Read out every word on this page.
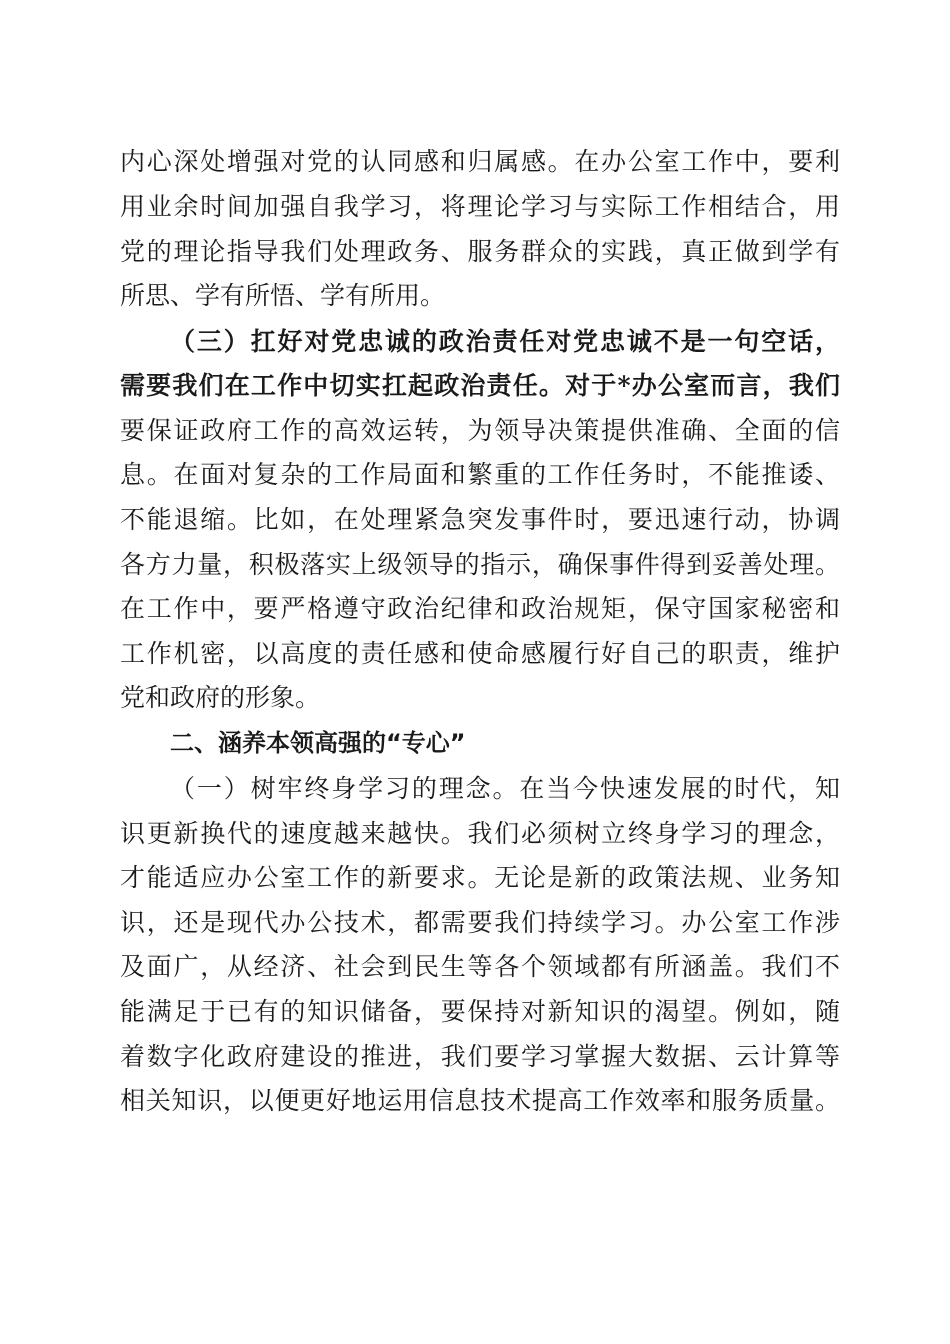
内心深处增强对党的认同感和归属感。在办公室工作中，要利
用业余时间加强自我学习，将理论学习与实际工作相结合，用
党的理论指导我们处理政务、服务群众的实践，真正做到学有
所思、学有所悟、学有所用。
（三）扛好对党忠诚的政治责任对党忠诚不是一句空话，
需要我们在工作中切实扛起政治责任。对于*办公室而言，我们
要保证政府工作的高效运转，为领导决策提供准确、全面的信
息。在面对复杂的工作局面和繁重的工作任务时，不能推诿、
不能退缩。比如，在处理紧急突发事件时，要迅速行动，协调
各方力量，积极落实上级领导的指示，确保事件得到妥善处理。
在工作中，要严格遵守政治纪律和政治规矩，保守国家秘密和
工作机密，以高度的责任感和使命感履行好自己的职责，维护
党和政府的形象。
二、涵养本领高强的“专心”
（一）树牢终身学习的理念。在当今快速发展的时代，知
识更新换代的速度越来越快。我们必须树立终身学习的理念，
才能适应办公室工作的新要求。无论是新的政策法规、业务知
识，还是现代办公技术，都需要我们持续学习。办公室工作涉
及面广，从经济、社会到民生等各个领域都有所涵盖。我们不
能满足于已有的知识储备，要保持对新知识的渴望。例如，随
着数字化政府建设的推进，我们要学习掌握大数据、云计算等
相关知识，以便更好地运用信息技术提高工作效率和服务质量。
